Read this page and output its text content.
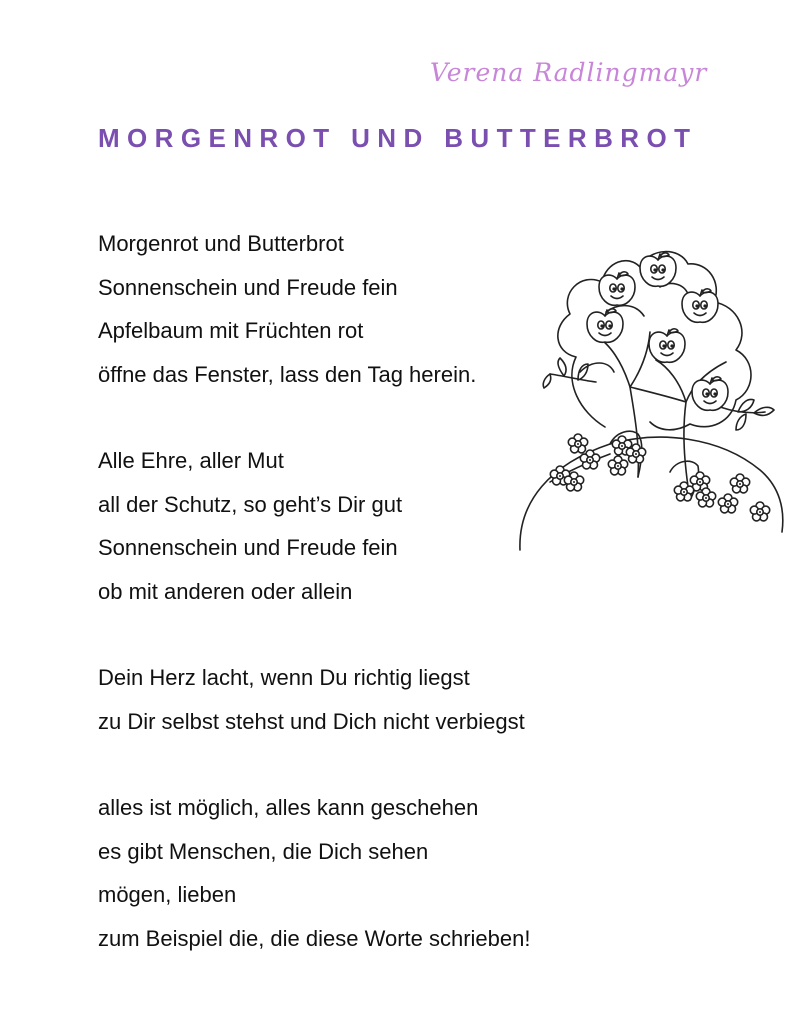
Verena Radlingmayr
MORGENROT UND BUTTERBROT
Morgenrot und Butterbrot
Sonnenschein und Freude fein
Apfelbaum mit Früchten rot
öffne das Fenster, lass den Tag herein.
Alle Ehre, aller Mut
all der Schutz, so geht’s Dir gut
Sonnenschein und Freude fein
ob mit anderen oder allein
Dein Herz lacht, wenn Du richtig liegst
zu Dir selbst stehst und Dich nicht verbiegst
alles ist möglich, alles kann geschehen
es gibt Menschen, die Dich sehen
mögen, lieben
zum Beispiel die, die diese Worte schrieben!
